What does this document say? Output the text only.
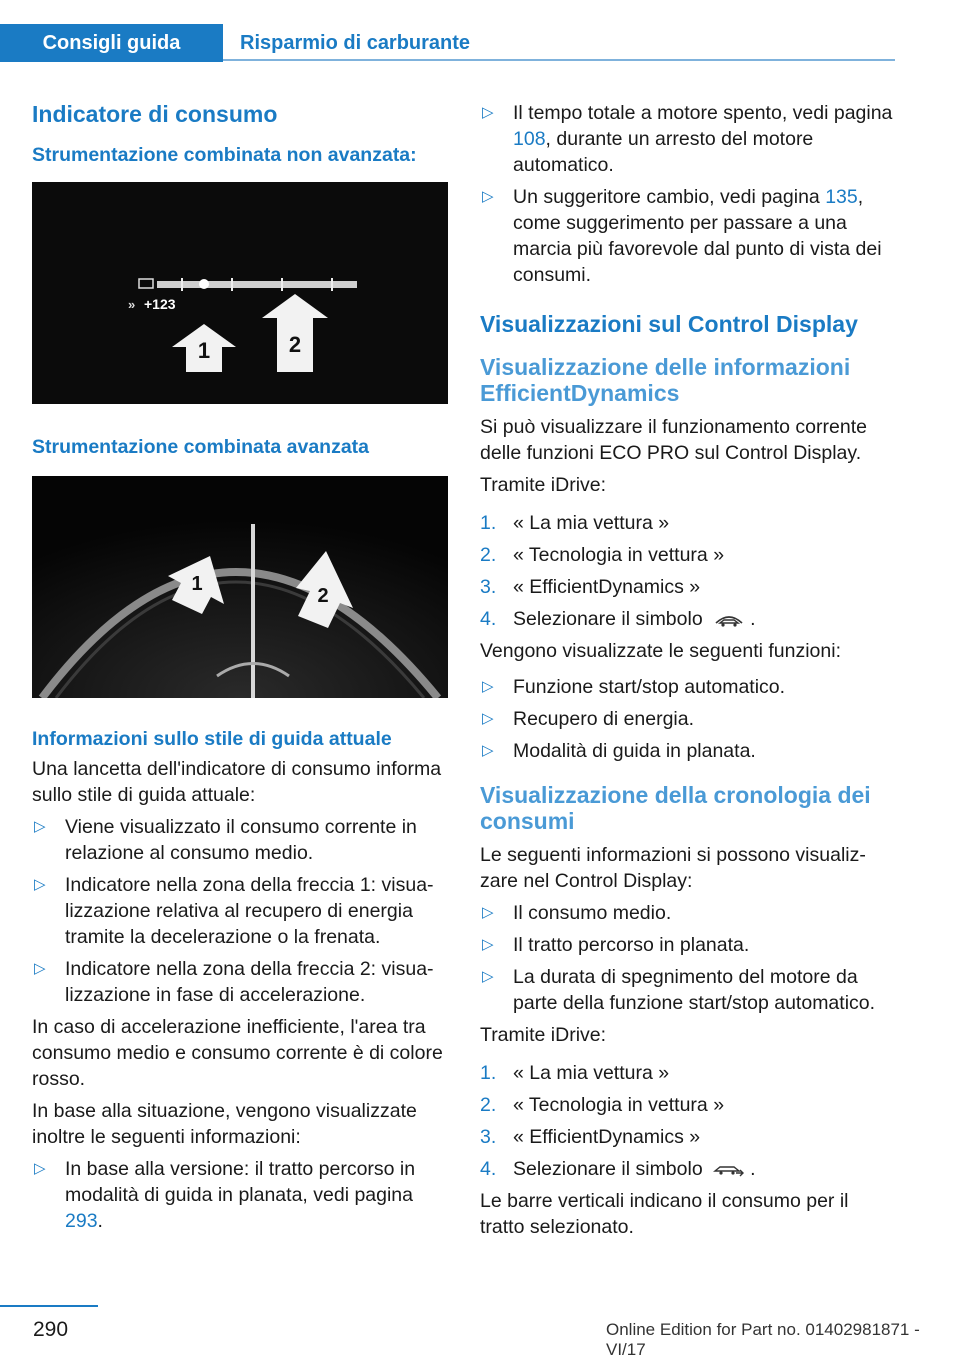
Consigli guida	Risparmio di carburante
Indicatore di consumo
Strumentazione combinata non avanzata:
» +123
1	2
Strumentazione combinata avanzata
1
2
Informazioni sullo stile di guida attuale

Una lancetta dell'indicatore di consumo informa sullo stile di guida attuale:

▷ Viene visualizzato il consumo corrente in relazione al consumo medio.
▷ Indicatore nella zona della freccia 1: visualizzazione relativa al recupero di energia tramite la decelerazione o la frenata.
▷ Indicatore nella zona della freccia 2: visualizzazione in fase di accelerazione.

In caso di accelerazione inefficiente, l'area tra consumo medio e consumo corrente è di colore rosso.

In base alla situazione, vengono visualizzate inoltre le seguenti informazioni:

▷ In base alla versione: il tratto percorso in modalità di guida in planata, vedi pagina 293.
▷ Il tempo totale a motore spento, vedi pagina 108, durante un arresto del motore automatico.
▷ Un suggeritore cambio, vedi pagina 135, come suggerimento per passare a una marcia più favorevole dal punto di vista dei consumi.
Visualizzazioni sul Control Display
Visualizzazione delle informazioni EfficientDynamics

Si può visualizzare il funzionamento corrente delle funzioni ECO PRO sul Control Display.

Tramite iDrive:

1. « La mia vettura »
2. « Tecnologia in vettura »
3. « EfficientDynamics »
4. Selezionare il simbolo .

Vengono visualizzate le seguenti funzioni:

▷ Funzione start/stop automatico.
▷ Recupero di energia.
▷ Modalità di guida in planata.
Visualizzazione della cronologia dei consumi

Le seguenti informazioni si possono visualizzare nel Control Display:

▷ Il consumo medio.
▷ Il tratto percorso in planata.
▷ La durata di spegnimento del motore da parte della funzione start/stop automatico.

Tramite iDrive:

1. « La mia vettura »
2. « Tecnologia in vettura »
3. « EfficientDynamics »
4. Selezionare il simbolo .

Le barre verticali indicano il consumo per il tratto selezionato.

290	Online Edition for Part no. 01402981871 - VI/17
